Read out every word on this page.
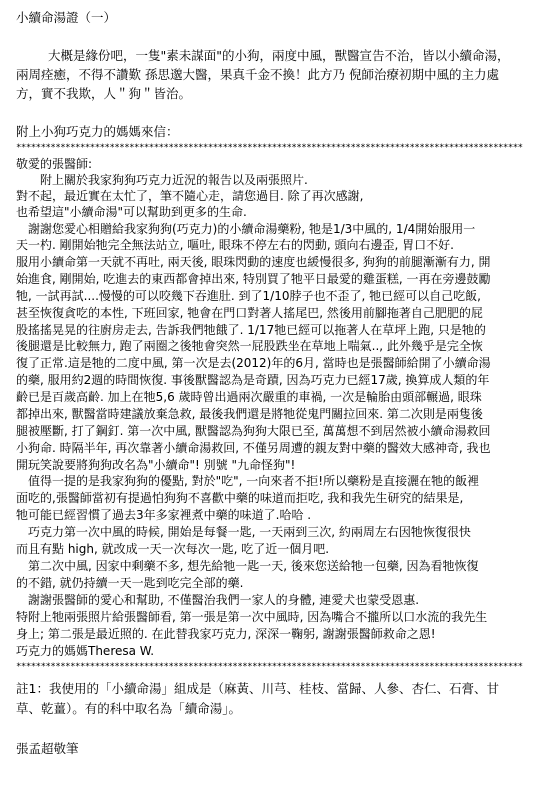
小續命湯證（一）
大概是緣份吧，一隻"素未謀面"的小狗，兩度中風，獸醫宣告不治，皆以小續命湯，
兩周痊癒，不得不讚歎 孫思邈大醫，果真千金不換！此方乃 倪師治療初期中風的主力處
方，實不我欺，人＂狗＂皆治。
附上小狗巧克力的媽媽來信：
*******************************************************************************************************
敬愛的張醫師:
附上關於我家狗狗巧克力近況的報告以及兩張照片.
對不起，最近實在太忙了，筆不隨心走，請您過目. 除了再次感謝,
也希望這"小續命湯"可以幫助到更多的生命.
謝謝您愛心相贈給我家狗狗(巧克力)的小續命湯藥粉, 牠是1/3中風的, 1/4開始服用一
天一杓. 剛開始牠完全無法站立, 嘔吐, 眼珠不停左右的閃動, 頭向右邊歪, 胃口不好.
服用小續命第一天就不再吐, 兩天後, 眼珠閃動的速度也緩慢很多, 狗狗的前腿漸漸有力, 開
始進食, 剛開始, 吃進去的東西都會掉出來, 特別買了牠平日最愛的雞蛋糕, 一再在旁邊鼓勵
牠, 一試再試....慢慢的可以咬幾下吞進肚. 到了1/10脖子也不歪了, 牠已經可以自己吃飯,
甚至恢復貪吃的本性, 下班回家, 牠會在門口對著人搖尾巴, 然後用前腳拖著自己肥肥的屁
股搖搖晃晃的往廚房走去, 告訴我們牠餓了. 1/17牠已經可以拖著人在草坪上跑, 只是牠的
後腿還是比較無力, 跑了兩圈之後牠會突然一屁股跌坐在草地上喘氣.., 此外幾乎是完全恢
復了正常.這是牠的二度中風, 第一次是去(2012)年的6月, 當時也是張醫師給開了小續命湯
的藥, 服用約2週的時間恢復. 事後獸醫認為是奇蹟, 因為巧克力已經17歲, 換算成人類的年
齡已是百歲高齡. 加上在牠5,6 歲時曾出過兩次嚴重的車禍, 一次是輪胎由頭部輾過, 眼珠
都掉出來, 獸醫當時建議放棄急救, 最後我們還是將牠從鬼門關拉回來. 第二次則是兩隻後
腿被壓斷, 打了鋼釘. 第一次中風, 獸醫認為狗狗大限已至, 萬萬想不到居然被小續命湯救回
小狗命. 時隔半年, 再次靠著小續命湯救回, 不僅另周遭的親友對中藥的醫效大感神奇, 我也
開玩笑說要將狗狗改名為"小續命"! 別號 "九命怪狗"!
值得一提的是我家狗狗的優點, 對於"吃", 一向來者不拒!所以藥粉是直接灑在牠的飯裡
面吃的,張醫師當初有提過怕狗狗不喜歡中藥的味道而拒吃, 我和我先生研究的結果是,
牠可能已經習慣了過去3年多家裡煮中藥的味道了.哈哈 .
巧克力第一次中風的時候, 開始是每餐一匙, 一天兩到三次, 約兩周左右因牠恢復很快
而且有點 high, 就改成一天一次每次一匙, 吃了近一個月吧.
第二次中風, 因家中剩藥不多, 想先給牠一匙一天, 後來您送給牠一包藥, 因為看牠恢復
的不錯, 就仍持續一天一匙到吃完全部的藥.
謝謝張醫師的愛心和幫助, 不僅醫治我們一家人的身體, 連愛犬也蒙受恩惠.
特附上牠兩張照片給張醫師看, 第一張是第一次中風時, 因為嘴合不攏所以口水流的我先生
身上; 第二張是最近照的. 在此替我家巧克力, 深深一鞠躬, 謝謝張醫師救命之恩!
巧克力的媽媽Theresa W.
*******************************************************************************************************
註1：我使用的「小續命湯」組成是（麻黃、川芎、桂枝、當歸、人參、杏仁、石膏、甘
草、乾薑）。有的科中取名為「續命湯」。
張孟超敬筆
